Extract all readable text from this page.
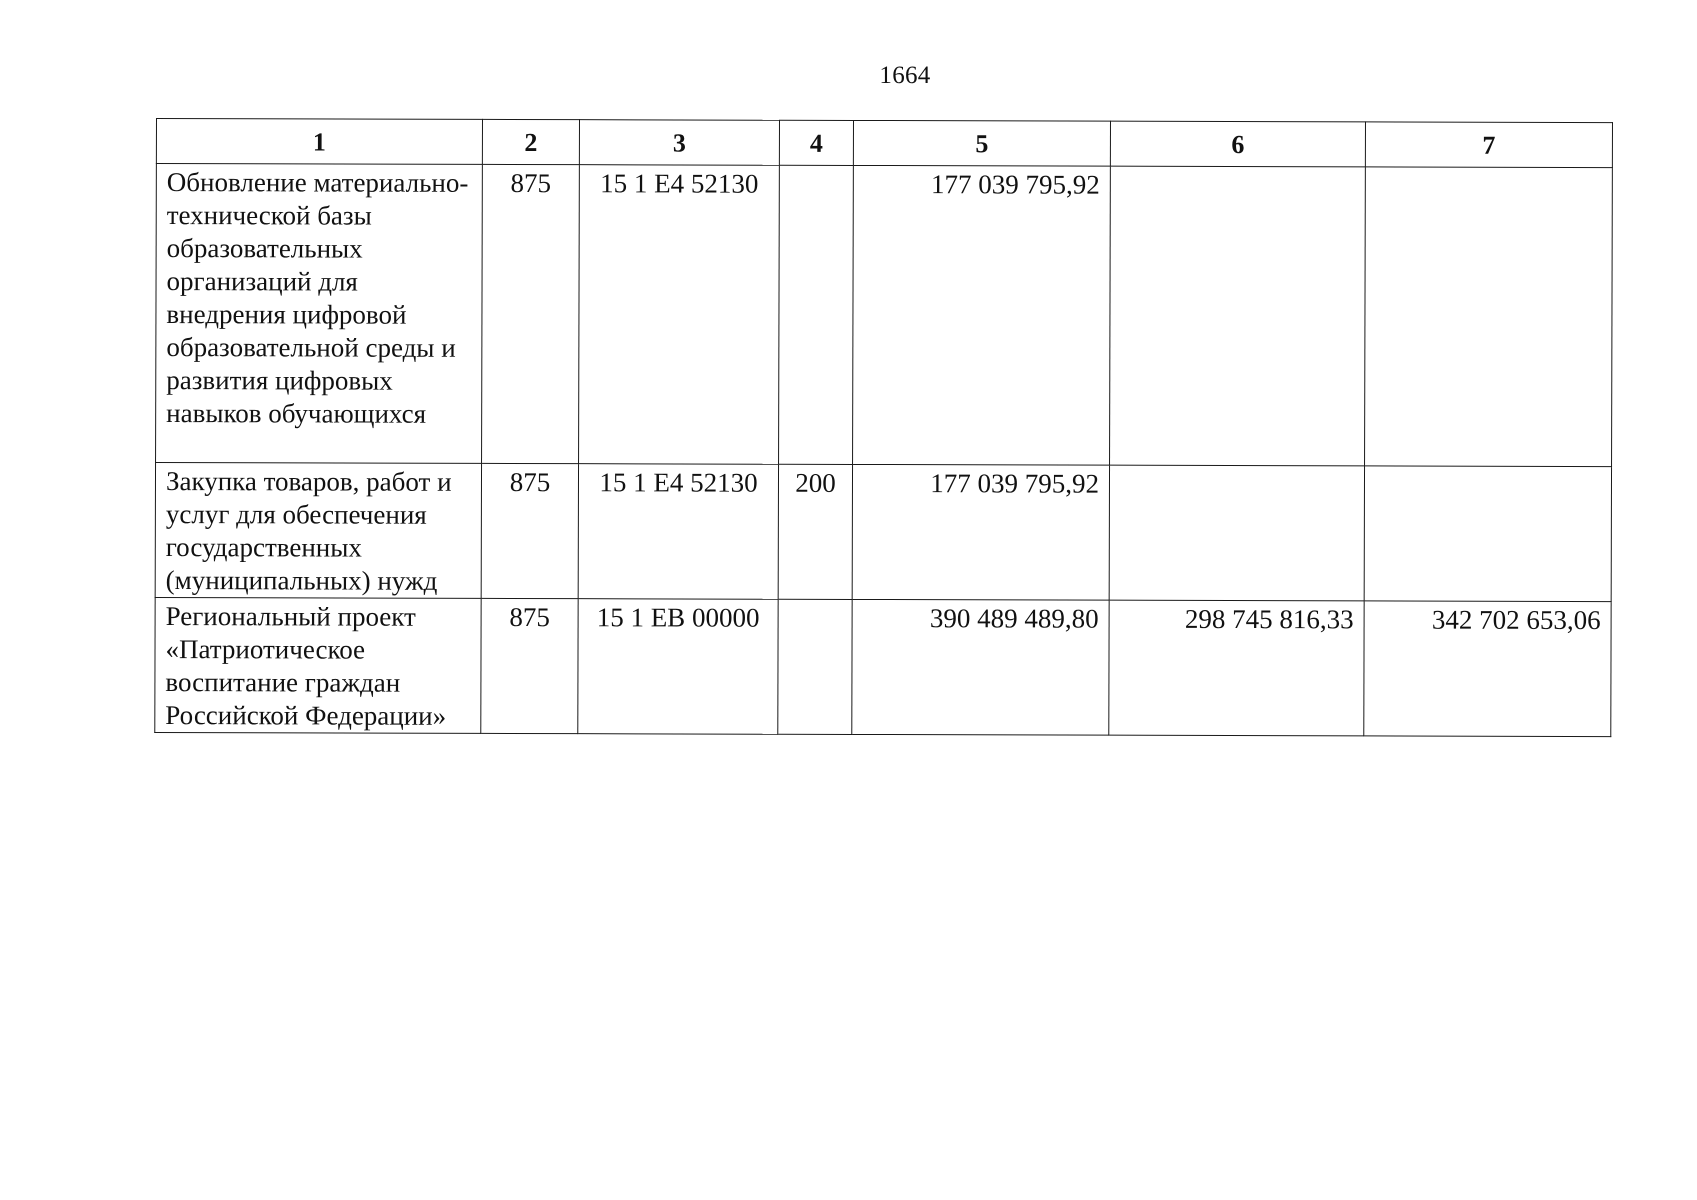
1664
1	2	3	4	5	6	7
Обновление материально-технической базы образовательных организаций для внедрения цифровой образовательной среды и развития цифровых навыков обучающихся	875	15 1 Е4 52130		177 039 795,92		
Закупка товаров, работ и услуг для обеспечения государственных (муниципальных) нужд	875	15 1 Е4 52130	200	177 039 795,92		
Региональный проект «Патриотическое воспитание граждан Российской Федерации»	875	15 1 ЕВ 00000		390 489 489,80	298 745 816,33	342 702 653,06
